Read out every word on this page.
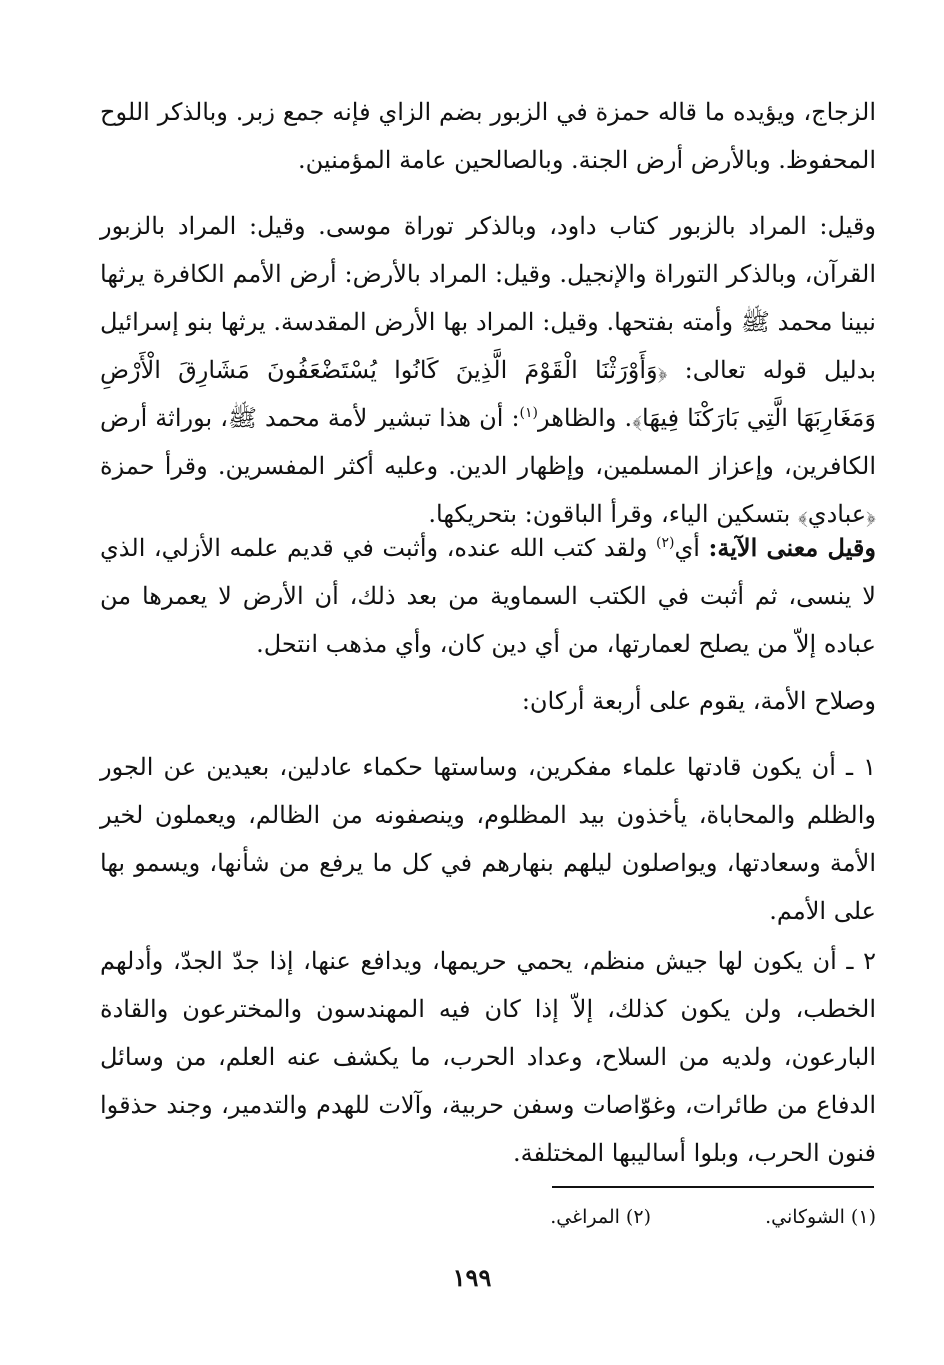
الزجاج، ويؤيده ما قاله حمزة في الزبور بضم الزاي فإنه جمع زبر. وبالذكر اللوح المحفوظ. وبالأرض أرض الجنة. وبالصالحين عامة المؤمنين.

وقيل: المراد بالزبور كتاب داود، وبالذكر توراة موسى. وقيل: المراد بالزبور القرآن، وبالذكر التوراة والإنجيل. وقيل: المراد بالأرض: أرض الأمم الكافرة يرثها نبينا محمد ﷺ وأمته بفتحها. وقيل: المراد بها الأرض المقدسة. يرثها بنو إسرائيل بدليل قوله تعالى: ﴿وَأَوْرَثْنَا الْقَوْمَ الَّذِينَ كَانُوا يُسْتَضْعَفُونَ مَشَارِقَ الْأَرْضِ وَمَغَارِبَهَا الَّتِي بَارَكْنَا فِيهَا﴾. والظاهر$^{(١)}$: أن هذا تبشير لأمة محمد ﷺ، بوراثة أرض الكافرين، وإعزاز المسلمين، وإظهار الدين. وعليه أكثر المفسرين. وقرأ حمزة ﴿عبادي﴾ بتسكين الياء، وقرأ الباقون: بتحريكها.

وقيل معنى الآية: أي$^{(٢)}$ ولقد كتب الله عنده، وأثبت في قديم علمه الأزلي، الذي لا ينسى، ثم أثبت في الكتب السماوية من بعد ذلك، أن الأرض لا يعمرها من عباده إلاّ من يصلح لعمارتها، من أي دين كان، وأي مذهب انتحل.

وصلاح الأمة، يقوم على أربعة أركان:

١ ـ أن يكون قادتها علماء مفكرين، وساستها حكماء عادلين، بعيدين عن الجور والظلم والمحاباة، يأخذون بيد المظلوم، وينصفونه من الظالم، ويعملون لخير الأمة وسعادتها، ويواصلون ليلهم بنهارهم في كل ما يرفع من شأنها، ويسمو بها على الأمم.

٢ ـ أن يكون لها جيش منظم، يحمي حريمها، ويدافع عنها، إذا جدّ الجدّ، وأدلهم الخطب، ولن يكون كذلك، إلاّ إذا كان فيه المهندسون والمخترعون والقادة البارعون، ولديه من السلاح، وعداد الحرب، ما يكشف عنه العلم، من وسائل الدفاع من طائرات، وغوّاصات وسفن حربية، وآلات للهدم والتدمير، وجند حذقوا فنون الحرب، وبلوا أساليبها المختلفة.

(١) الشوكاني.
(٢) المراغي.
١٩٩
